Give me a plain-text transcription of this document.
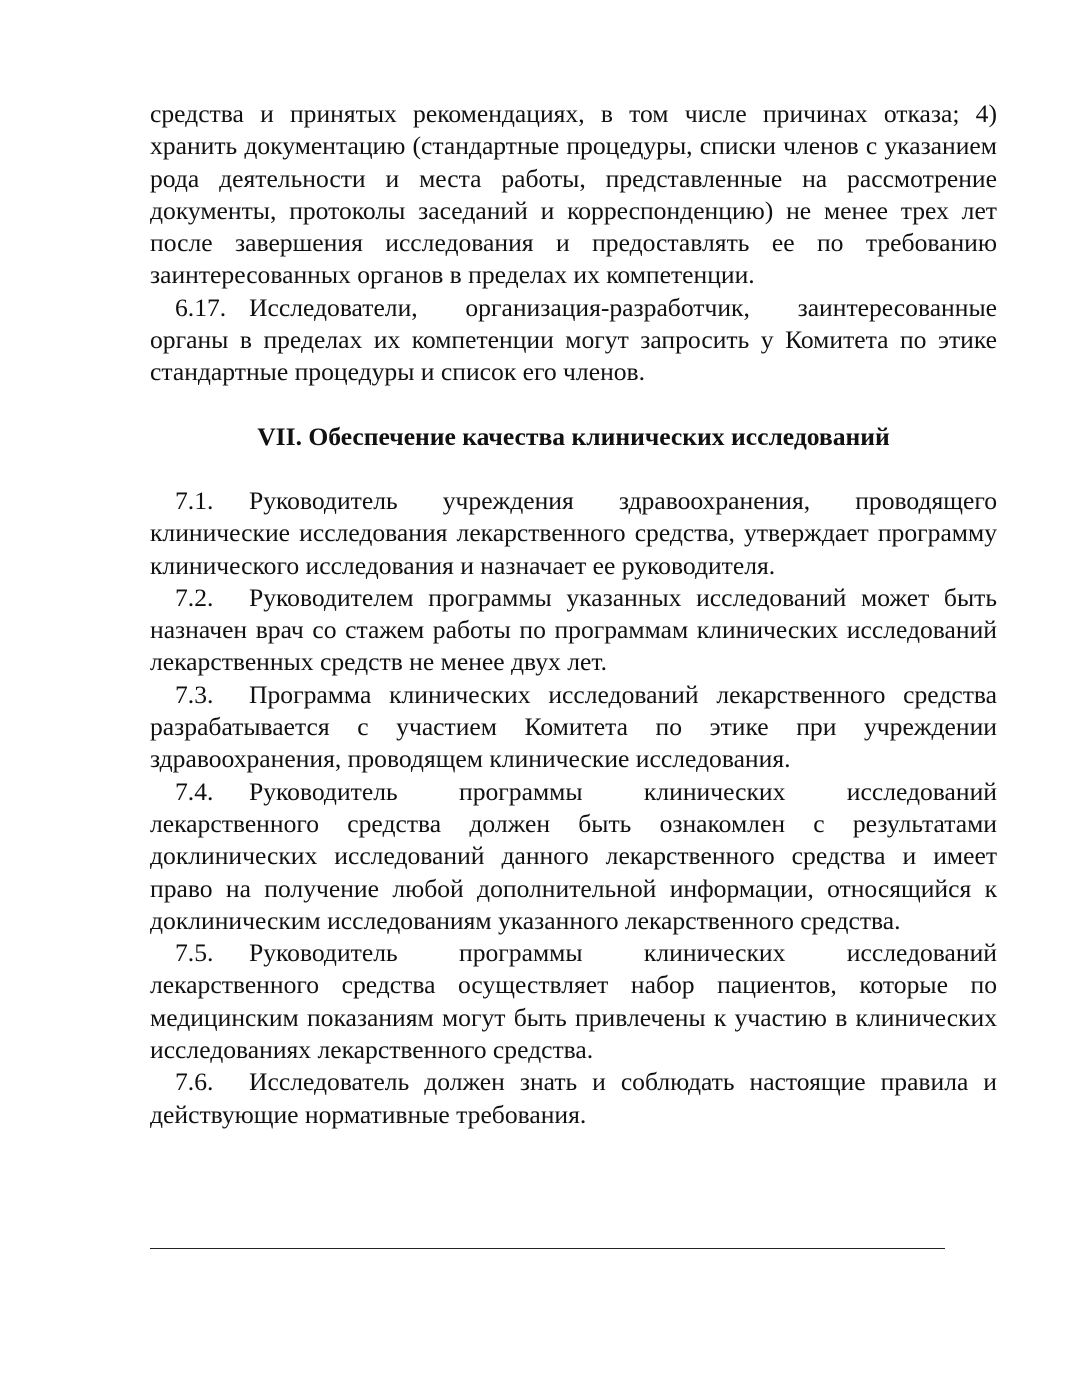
средства и принятых рекомендациях, в том числе причинах отказа; 4) хранить документацию (стандартные процедуры, списки членов с указанием рода деятельности и места работы, представленные на рассмотрение документы, протоколы заседаний и корреспонденцию) не менее трех лет после завершения исследования и предоставлять ее по требованию заинтересованных органов в пределах их компетенции.

6.17. Исследователи, организация-разработчик, заинтересованные органы в пределах их компетенции могут запросить у Комитета по этике стандартные процедуры и список его членов.

VII. Обеспечение качества клинических исследований

7.1. Руководитель учреждения здравоохранения, проводящего клинические исследования лекарственного средства, утверждает программу клинического исследования и назначает ее руководителя.

7.2. Руководителем программы указанных исследований может быть назначен врач со стажем работы по программам клинических исследований лекарственных средств не менее двух лет.

7.3. Программа клинических исследований лекарственного средства разрабатывается с участием Комитета по этике при учреждении здравоохранения, проводящем клинические исследования.

7.4. Руководитель программы клинических исследований лекарственного средства должен быть ознакомлен с результатами доклинических исследований данного лекарственного средства и имеет право на получение любой дополнительной информации, относящийся к доклиническим исследованиям указанного лекарственного средства.

7.5. Руководитель программы клинических исследований лекарственного средства осуществляет набор пациентов, которые по медицинским показаниям могут быть привлечены к участию в клинических исследованиях лекарственного средства.

7.6. Исследователь должен знать и соблюдать настоящие правила и действующие нормативные требования.
